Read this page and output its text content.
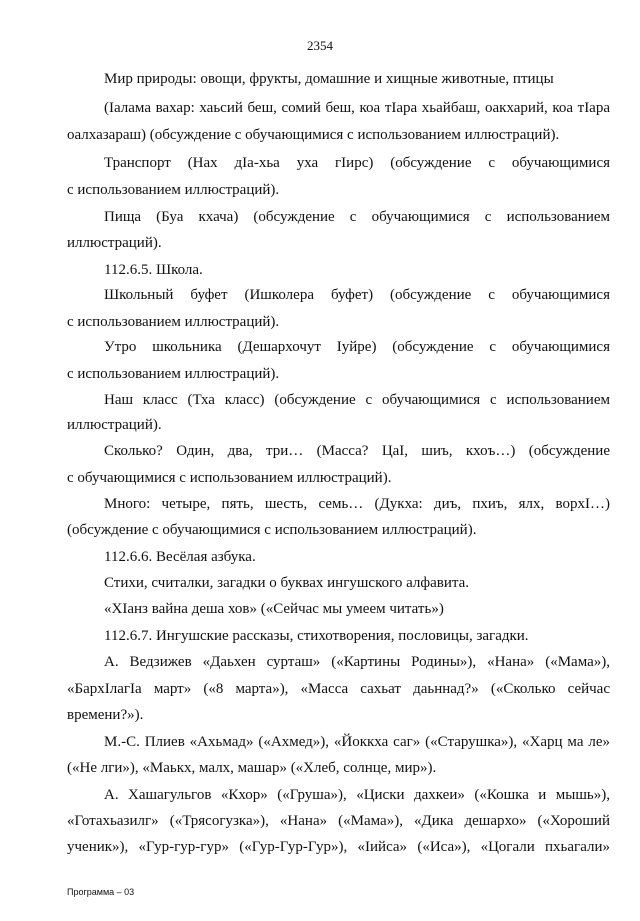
2354
Мир природы: овощи, фрукты, домашние и хищные животные, птицы
(Ιалама вахар: хаьсий беш, сомий беш, коа тΙара хьайбаш, оакхарий, коа тΙара
оалхазараш) (обсуждение с обучающимися с использованием иллюстраций).
Транспорт (Нах дΙа-хьа уха гΙирс) (обсуждение с обучающимися
с использованием иллюстраций).
Пища (Буа кхача) (обсуждение с обучающимися с использованием
иллюстраций).
112.6.5. Школа.
Школьный буфет (Ишколера буфет) (обсуждение с обучающимися
с использованием иллюстраций).
Утро школьника (Дешархочут Ιуйре) (обсуждение с обучающимися
с использованием иллюстраций).
Наш класс (Тха класс) (обсуждение с обучающимися с использованием
иллюстраций).
Сколько? Один, два, три… (Масса? ЦаΙ, шиъ, кхоъ…) (обсуждение
с обучающимися с использованием иллюстраций).
Много: четыре, пять, шесть, семь… (Дукха: диъ, пхиъ, ялх, ворхΙ…)
(обсуждение с обучающимися с использованием иллюстраций).
112.6.6. Весёлая азбука.
Стихи, считалки, загадки о буквах ингушского алфавита.
«ХΙанз вайна деша хов» («Сейчас мы умеем читать»)
112.6.7. Ингушские рассказы, стихотворения, пословицы, загадки.
А. Ведзижев «Даьхен сурташ» («Картины Родины»), «Нана» («Мама»),
«БархΙлагΙа март» («8 марта»), «Масса сахьат даьннад?» («Сколько сейчас
времени?»).
М.-С. Плиев «Ахьмад» («Ахмед»), «Йоккха саг» («Старушка»), «Харц ма ле»
(«Не лги»), «Маькх, малх, машар» («Хлеб, солнце, мир»).
А. Хашагульгов «Кхор» («Груша»), «Циски дахкеи» («Кошка и мышь»),
«Готахьазилг» («Трясогузка»), «Нана» («Мама»), «Дика дешархо» («Хороший
ученик»), «Гур-гур-гур» («Гур-Гур-Гур»), «Ιийса» («Иса»), «Цогали пхьагали»
Программа – 03
